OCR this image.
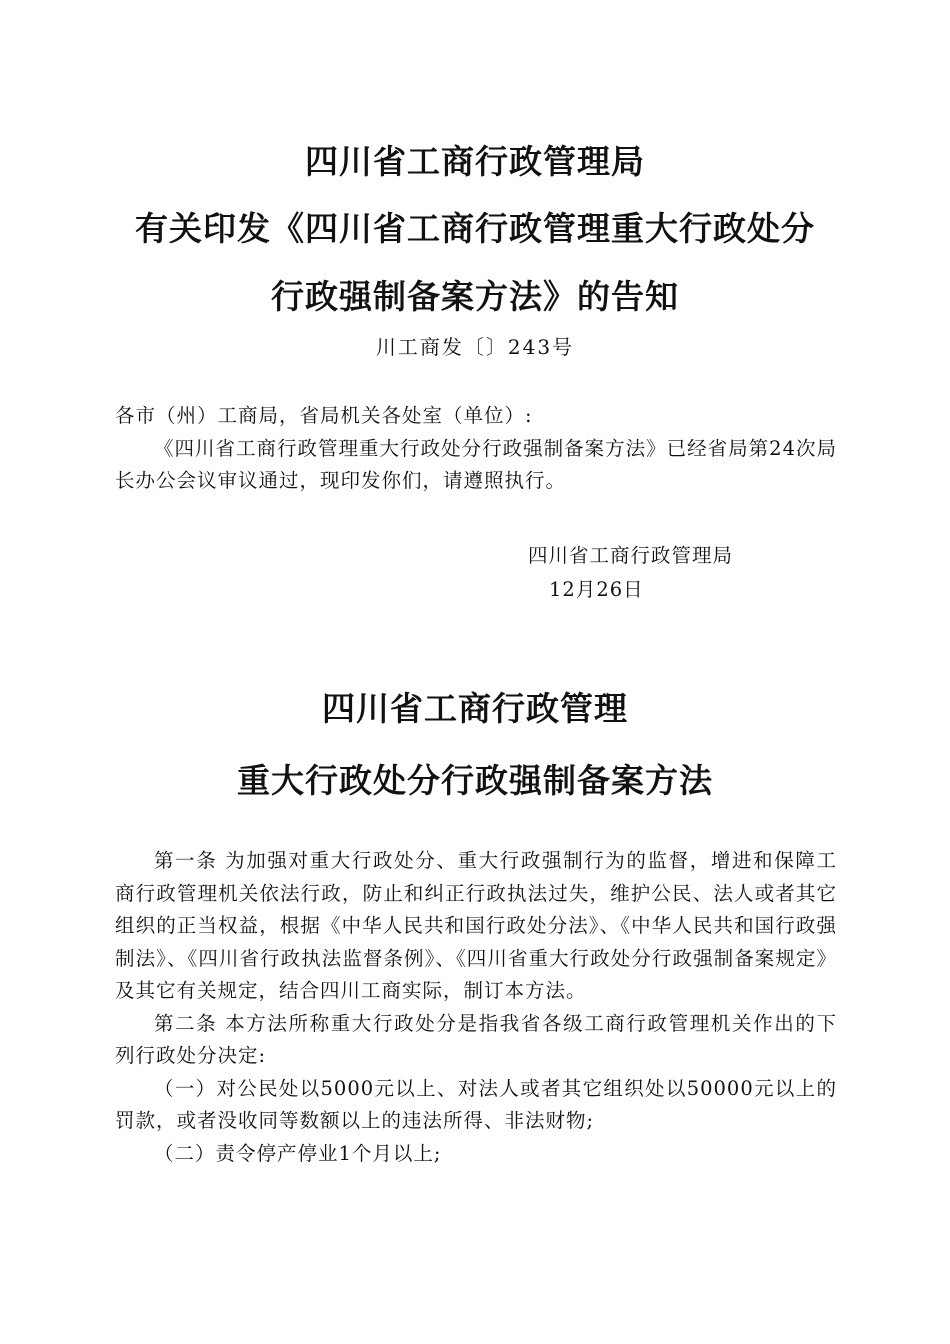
四川省工商行政管理局
有关印发《四川省工商行政管理重大行政处分
行政强制备案方法》的告知
川工商发〔〕243号

各市（州）工商局，省局机关各处室（单位）:

《四川省工商行政管理重大行政处分行政强制备案方法》已经省局第24次局长办公会议审议通过，现印发你们，请遵照执行。

四川省工商行政管理局
12月26日
四川省工商行政管理
重大行政处分行政强制备案方法

第一条 为加强对重大行政处分、重大行政强制行为的监督，增进和保障工商行政管理机关依法行政，防止和纠正行政执法过失，维护公民、法人或者其它组织的正当权益，根据《中华人民共和国行政处分法》、《中华人民共和国行政强制法》、《四川省行政执法监督条例》、《四川省重大行政处分行政强制备案规定》及其它有关规定，结合四川工商实际，制订本方法。

第二条 本方法所称重大行政处分是指我省各级工商行政管理机关作出的下列行政处分决定:

（一）对公民处以5000元以上、对法人或者其它组织处以50000元以上的罚款，或者没收同等数额以上的违法所得、非法财物;

（二）责令停产停业1个月以上;
